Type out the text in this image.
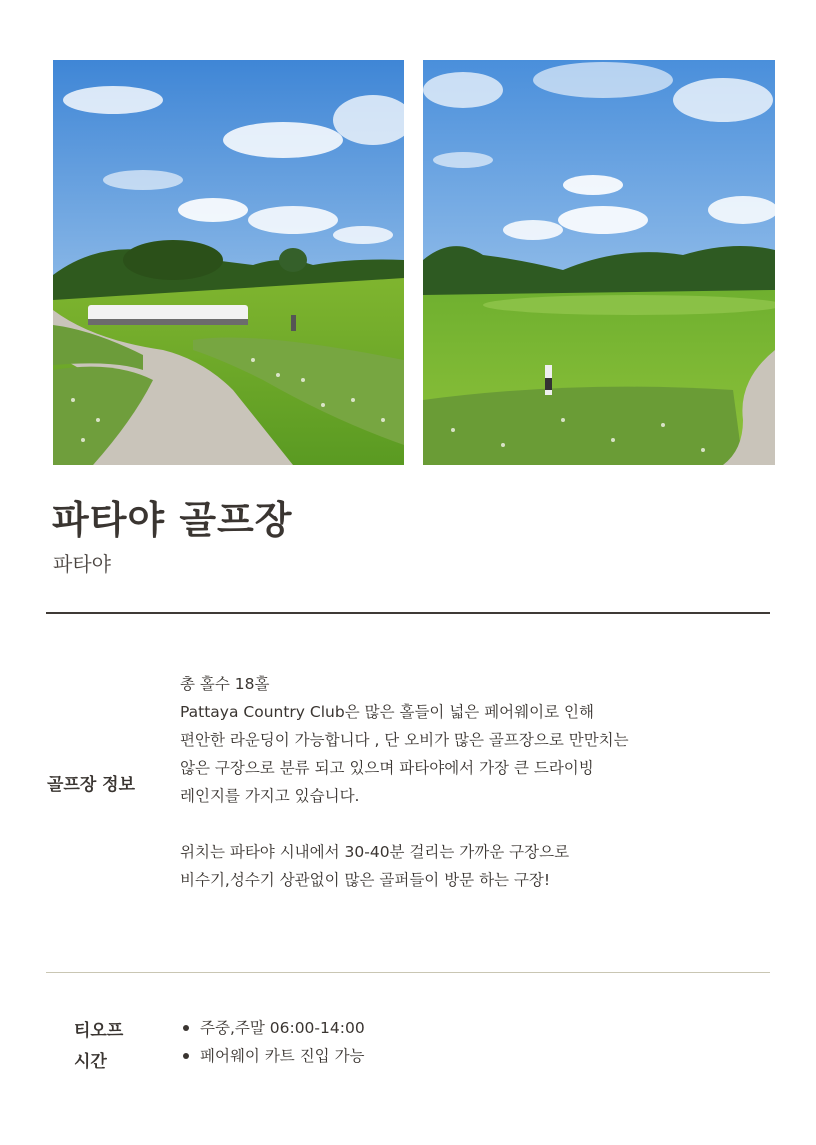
파타야 골프장
파타야
골프장 정보

총 홀수 18홀

Pattaya Country Club은 많은 홀들이 넓은 페어웨이로 인해

편안한 라운딩이 가능합니다 , 단 오비가 많은 골프장으로 만만치는

않은 구장으로 분류 되고 있으며 파타야에서 가장 큰 드라이빙

레인지를 가지고 있습니다.

위치는 파타야 시내에서 30-40분 걸리는 가까운 구장으로

비수기,성수기 상관없이 많은 골퍼들이 방문 하는 구장!

티오프
시간
주중,주말 06:00-14:00
페어웨이 카트 진입 가능
